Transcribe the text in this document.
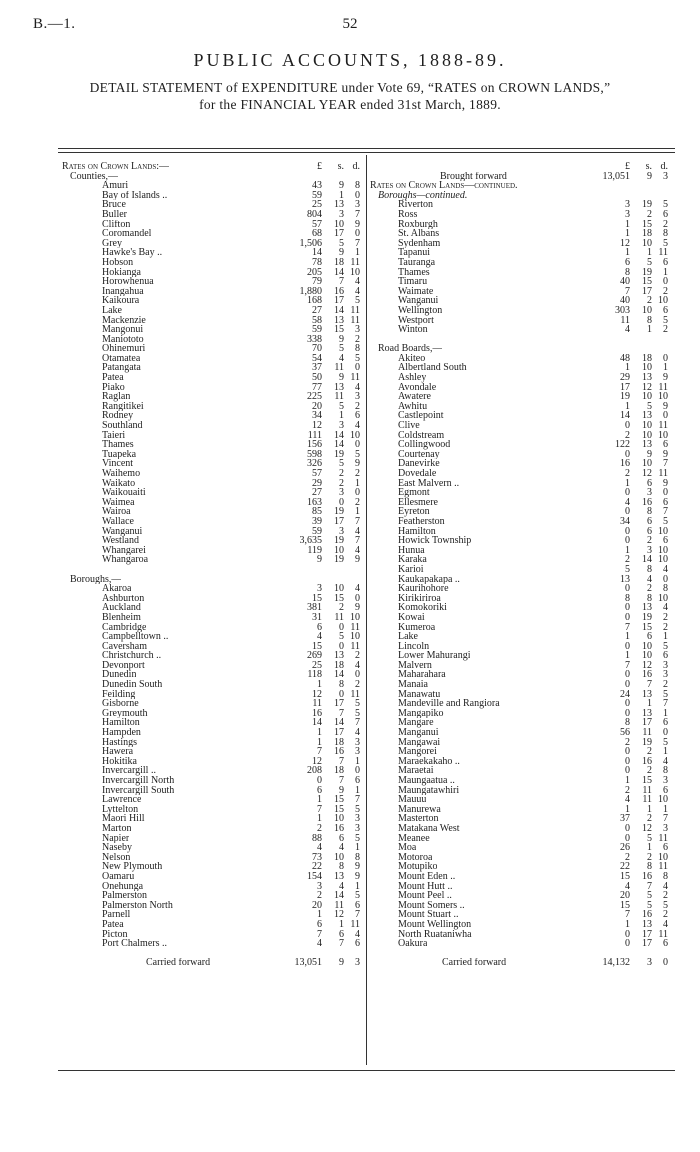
B.—1.	52
PUBLIC ACCOUNTS, 1888-89.
DETAIL STATEMENT of EXPENDITURE under Vote 69, “RATES on CROWN LANDS,”
for the FINANCIAL YEAR ended 31st March, 1889.
Rates on Crown Lands:—	£	s. d.
Counties,—
Amuri	43	9	8
Bay of Islands ..	59	1	0
Bruce	25	13	3
Buller	804	3	7
Clifton	57	10	9
Coromandel	68	17	0
Grey	1,506	5	7
Hawke's Bay ..	14	9	1
Hobson	78	18 11
Hokianga	205	14 10
Horowhenua	79	7	4
Inangahua	1,880	16	4
Kaikoura	168	17	5
Lake	27	14 11
Mackenzie	58	13 11
Mangonui	59	15	3
Maniototo	338	9	2
Ohinemuri	70	5	8
Otamatea	54	4	5
Patangata	37	11	0
Patea	50	9 11
Piako	77	13	4
Raglan	225	11	3
Rangitikei	20	5	2
Rodney	34	1	6
Southland	12	3	4
Taieri	111	14 10
Thames	156	14	0
Tuapeka	598	19	5
Vincent	326	5	9
Waihemo	57	2	2
Waikato	29	2	1
Waikouaiti	27	3	0
Waimea	163	0	2
Wairoa	85	19	1
Wallace	39	17	7
Wanganui	59	3	4
Westland	3,635	19	7
Whangarei	119	10	4
Whangaroa	9	19	9
Boroughs,—
Akaroa	3	10	4
Ashburton	15	15	0
Auckland	381	2	9
Blenheim	31	11 10
Cambridge	6	0 11
Campbelltown ..	4	5 10
Caversham	15	0 11
Christchurch ..	269	13	2
Devonport	25	18	4
Dunedin	118	14	0
Dunedin South	1	8	2
Feilding	12	0 11
Gisborne	11	17	5
Greymouth	16	7	5
Hamilton	14	14	7
Hampden	1	17	4
Hastings	1	18	3
Hawera	7	16	3
Hokitika	12	7	1
Invercargill ..	208	18	0
Invercargill North	0	7	6
Invercargill South	6	9	1
Lawrence	1	15	7
Lyttelton	7	15	5
Maori Hill	1	10	3
Marton	2	16	3
Napier	88	6	5
Naseby	4	4	1
Nelson	73	10	8
New Plymouth	22	8	9
Oamaru	154	13	9
Onehunga	3	4	1
Palmerston	2	14	5
Palmerston North	20	11	6
Parnell	1	12	7
Patea	6	1 11
Picton	7	6	4
Port Chalmers ..	4	7	6
Carried forward	13,051	9	3
£	s. d.
Brought forward	13,051	9	3
Rates on Crown Lands—continued.
Boroughs—continued.
Riverton	3	19	5
Ross	3	2	6
Roxburgh	1	15	2
St. Albans	1	18	8
Sydenham	12	10	5
Tapanui	1	1 11
Tauranga	6	5	6
Thames	8	19	1
Timaru	40	15	0
Waimate	7	17	2
Wanganui	40	2 10
Wellington	303	10	6
Westport	11	8	5
Winton	4	1	2
Road Boards,—
Akiteo	48	18	0
Albertland South	1	10	1
Ashley	29	13	9
Avondale	17	12 11
Awatere	19	10 10
Awhitu	1	5	9
Castlepoint	14	13	0
Clive	0	10 11
Coldstream	2	10 10
Collingwood	122	13	6
Courtenay	0	9	9
Danevirke	16	10	7
Dovedale	2	12 11
East Malvern ..	1	6	9
Egmont	0	3	0
Ellesmere	4	16	6
Eyreton	0	8	7
Featherston	34	6	5
Hamilton	0	6 10
Howick Township	0	2	6
Hunua	1	3 10
Karaka	2	14 10
Karioi	5	8	4
Kaukapakapa ..	13	4	0
Kaurihohore	0	2	8
Kirikiriroa	8	8 10
Komokoriki	0	13	4
Kowai	0	19	2
Kumeroa	7	15	2
Lake	1	6	1
Lincoln	0	10	5
Lower Mahurangi	1	10	6
Malvern	7	12	3
Maharahara	0	16	3
Manaia	0	7	2
Manawatu	24	13	5
Mandeville and Rangiora	0	1	7
Mangapiko	0	13	1
Mangare	8	17	6
Manganui	56	11	0
Mangawai	2	19	5
Mangorei	0	2	1
Maraekakaho ..	0	16	4
Maraetai	0	2	8
Maungaatua ..	1	15	3
Maungatawhiri	2	11	6
Mauuu	4	11 10
Manurewa	1	1	1
Masterton	37	2	7
Matakana West	0	12	3
Meanee	0	5 11
Moa	26	1	6
Motoroa	2	2 10
Motupiko	22	8 11
Mount Eden ..	15	16	8
Mount Hutt ..	4	7	4
Mount Peel ..	20	5	2
Mount Somers ..	15	5	5
Mount Stuart ..	7	16	2
Mount Wellington	1	13	4
North Ruataniwha	0	17 11
Oakura	0	17	6
Carried forward	14,132	3	0
